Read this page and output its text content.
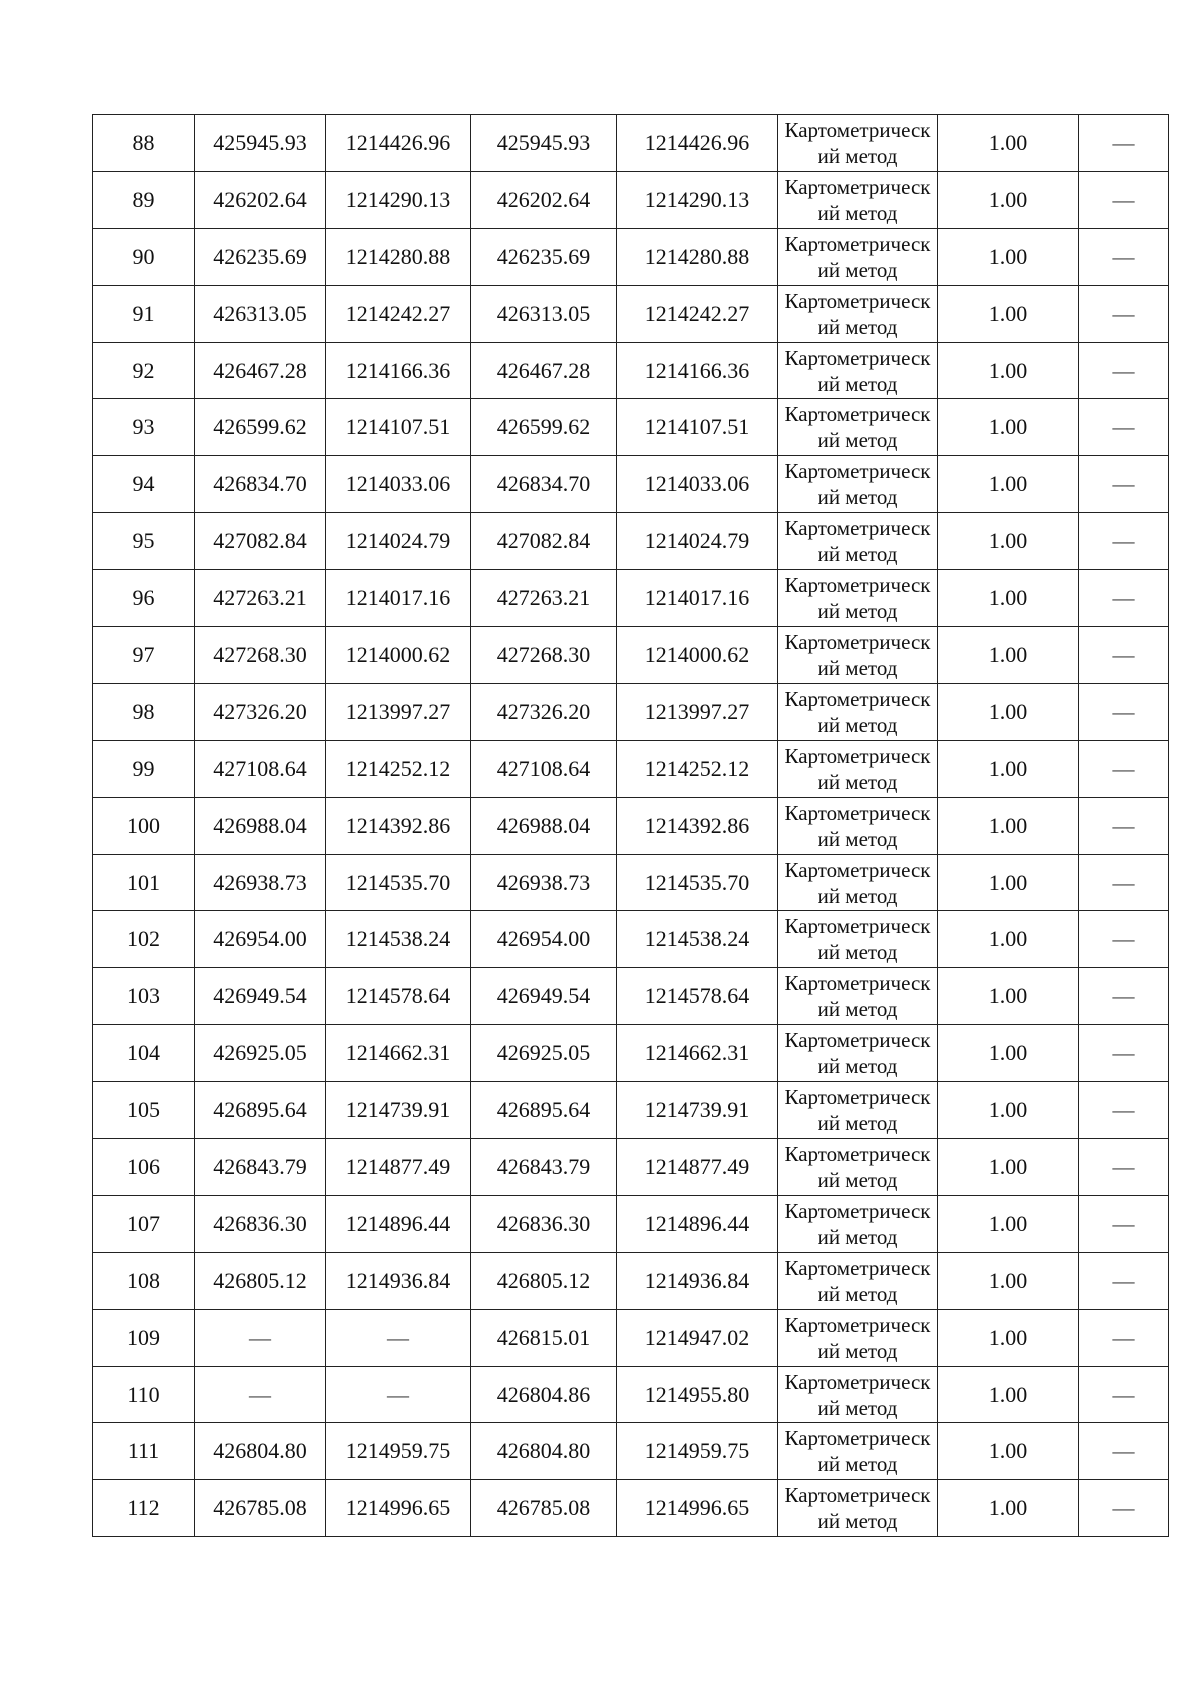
88	425945.93	1214426.96	425945.93	1214426.96	Картометрический метод	1.00	—
89	426202.64	1214290.13	426202.64	1214290.13	Картометрический метод	1.00	—
90	426235.69	1214280.88	426235.69	1214280.88	Картометрический метод	1.00	—
91	426313.05	1214242.27	426313.05	1214242.27	Картометрический метод	1.00	—
92	426467.28	1214166.36	426467.28	1214166.36	Картометрический метод	1.00	—
93	426599.62	1214107.51	426599.62	1214107.51	Картометрический метод	1.00	—
94	426834.70	1214033.06	426834.70	1214033.06	Картометрический метод	1.00	—
95	427082.84	1214024.79	427082.84	1214024.79	Картометрический метод	1.00	—
96	427263.21	1214017.16	427263.21	1214017.16	Картометрический метод	1.00	—
97	427268.30	1214000.62	427268.30	1214000.62	Картометрический метод	1.00	—
98	427326.20	1213997.27	427326.20	1213997.27	Картометрический метод	1.00	—
99	427108.64	1214252.12	427108.64	1214252.12	Картометрический метод	1.00	—
100	426988.04	1214392.86	426988.04	1214392.86	Картометрический метод	1.00	—
101	426938.73	1214535.70	426938.73	1214535.70	Картометрический метод	1.00	—
102	426954.00	1214538.24	426954.00	1214538.24	Картометрический метод	1.00	—
103	426949.54	1214578.64	426949.54	1214578.64	Картометрический метод	1.00	—
104	426925.05	1214662.31	426925.05	1214662.31	Картометрический метод	1.00	—
105	426895.64	1214739.91	426895.64	1214739.91	Картометрический метод	1.00	—
106	426843.79	1214877.49	426843.79	1214877.49	Картометрический метод	1.00	—
107	426836.30	1214896.44	426836.30	1214896.44	Картометрический метод	1.00	—
108	426805.12	1214936.84	426805.12	1214936.84	Картометрический метод	1.00	—
109	—	—	426815.01	1214947.02	Картометрический метод	1.00	—
110	—	—	426804.86	1214955.80	Картометрический метод	1.00	—
111	426804.80	1214959.75	426804.80	1214959.75	Картометрический метод	1.00	—
112	426785.08	1214996.65	426785.08	1214996.65	Картометрический метод	1.00	—
